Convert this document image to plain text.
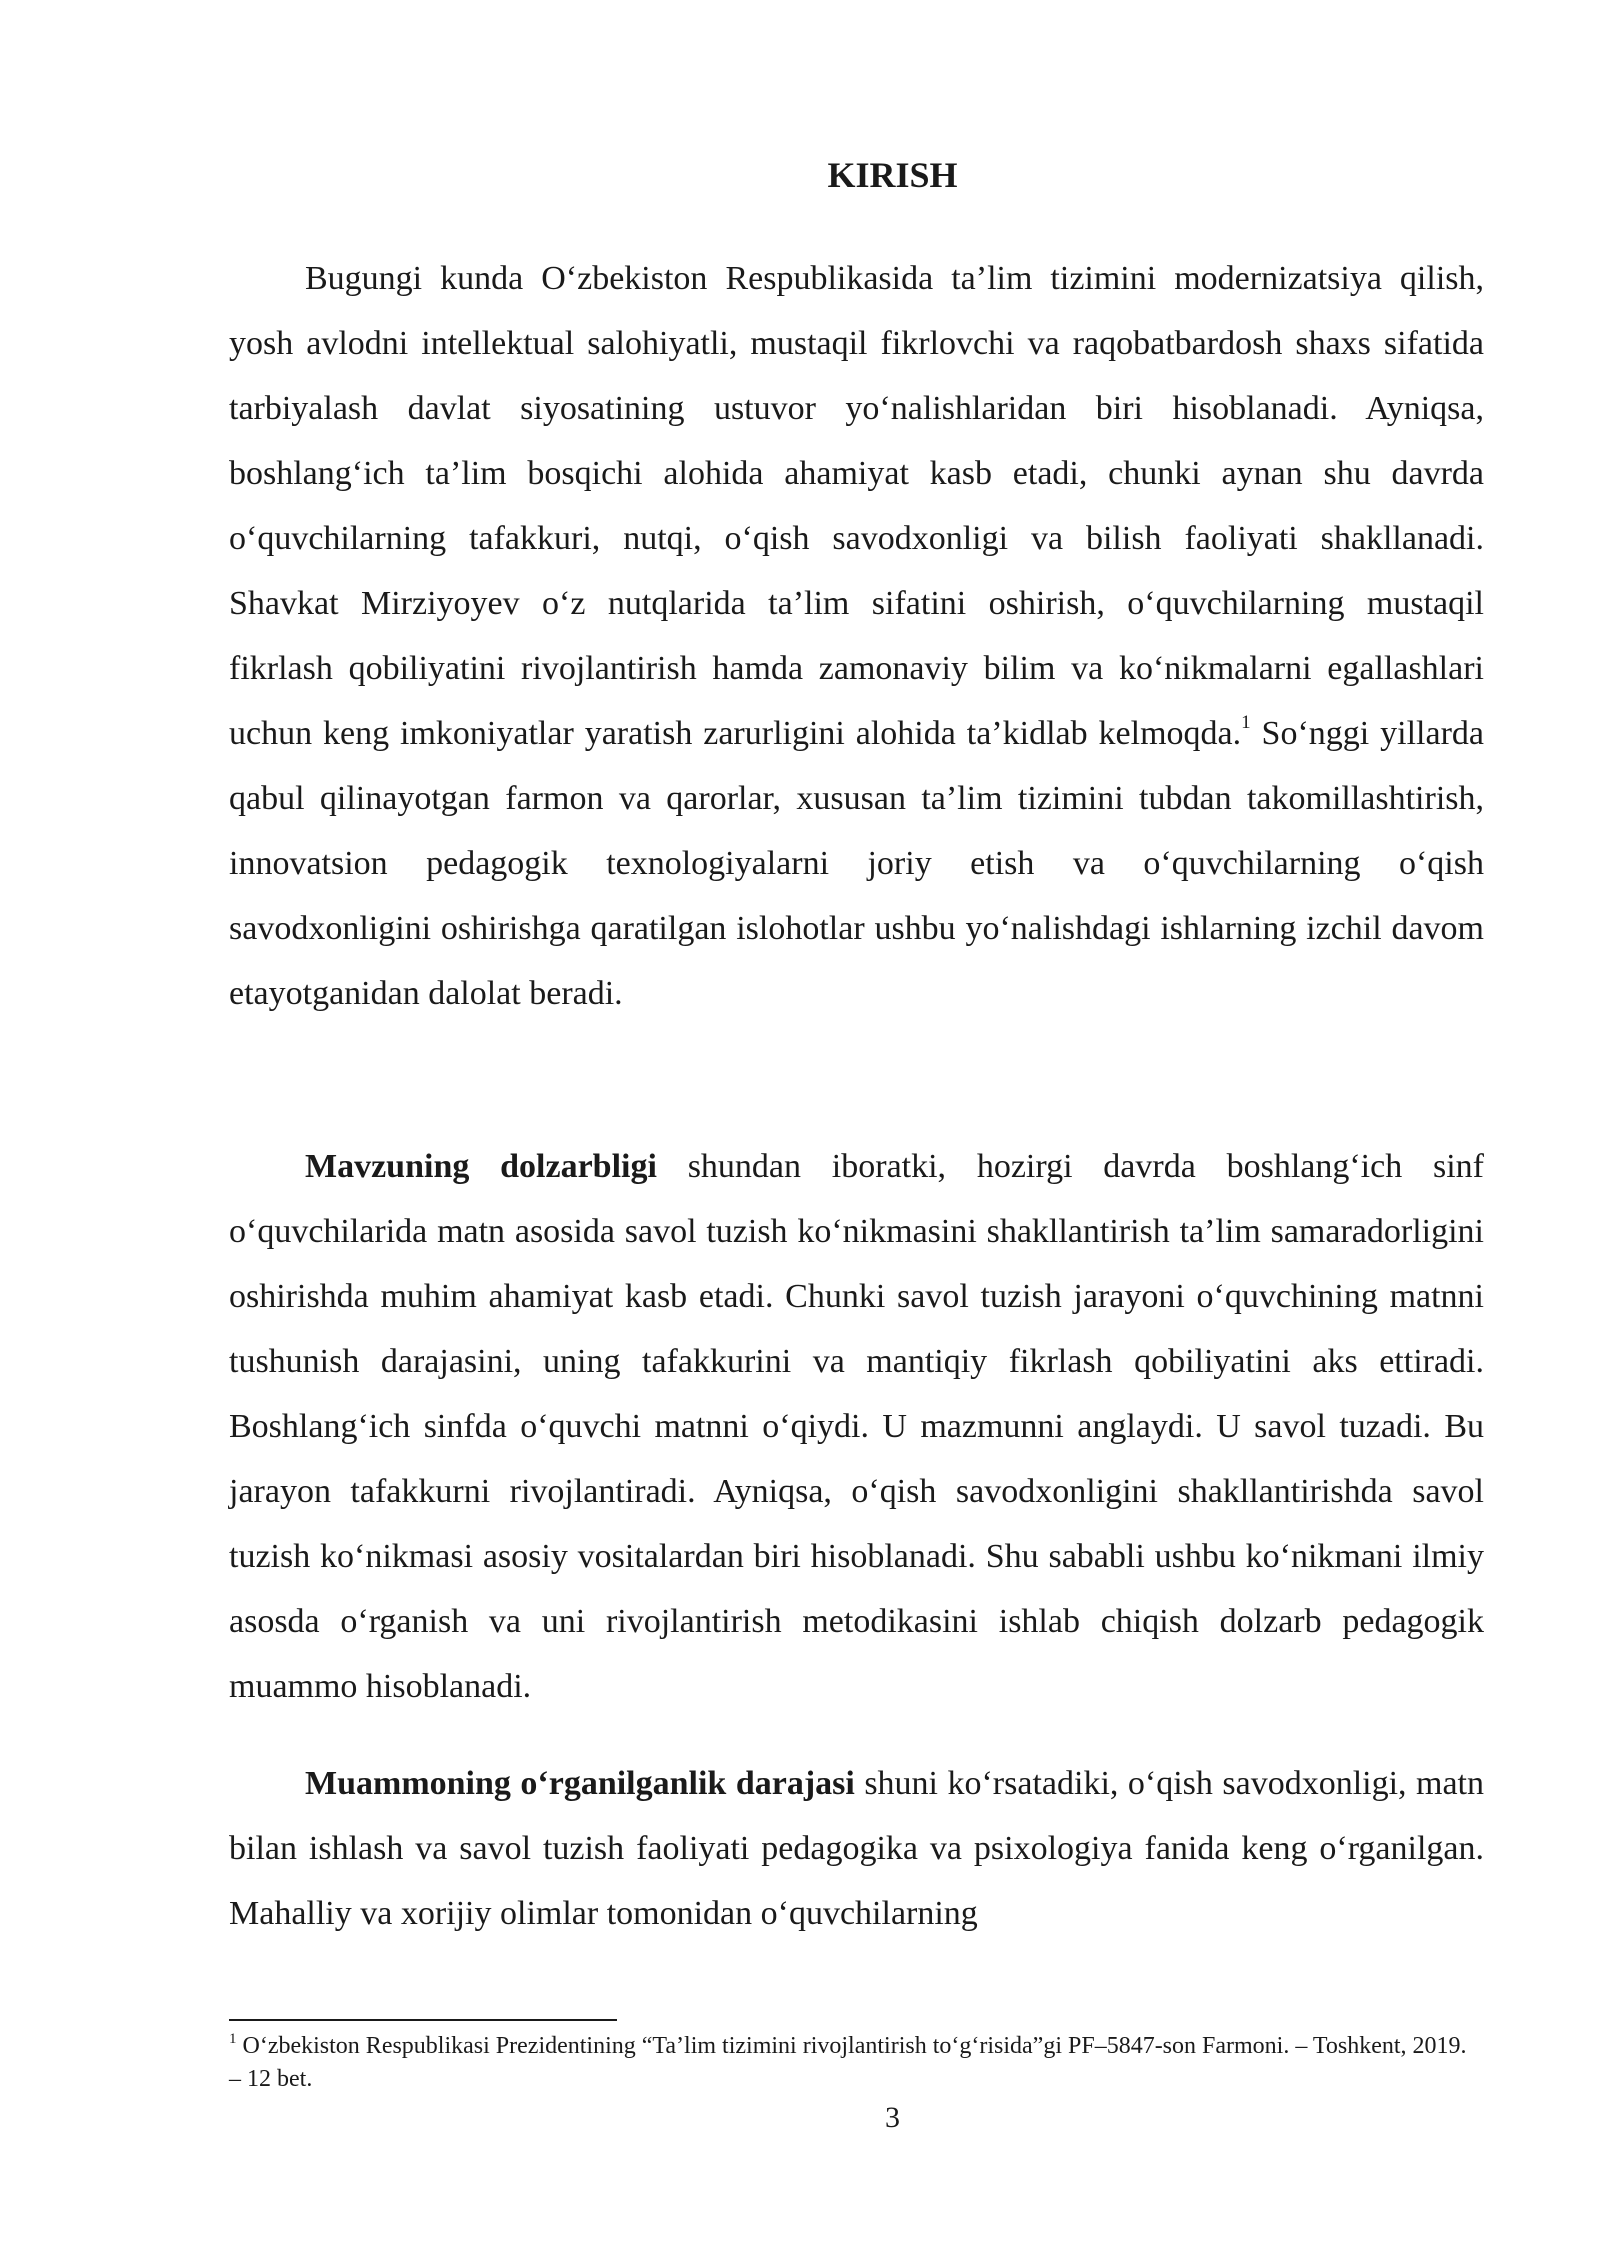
KIRISH

Bugungi kunda O‘zbekiston Respublikasida ta’lim tizimini modernizatsiya qilish, yosh avlodni intellektual salohiyatli, mustaqil fikrlovchi va raqobatbardosh shaxs sifatida tarbiyalash davlat siyosatining ustuvor yo‘nalishlaridan biri hisoblanadi. Ayniqsa, boshlang‘ich ta’lim bosqichi alohida ahamiyat kasb etadi, chunki aynan shu davrda o‘quvchilarning tafakkuri, nutqi, o‘qish savodxonligi va bilish faoliyati shakllanadi. Shavkat Mirziyoyev o‘z nutqlarida ta’lim sifatini oshirish, o‘quvchilarning mustaqil fikrlash qobiliyatini rivojlantirish hamda zamonaviy bilim va ko‘nikmalarni egallashlari uchun keng imkoniyatlar yaratish zarurligini alohida ta’kidlab kelmoqda.$^1$ So‘nggi yillarda qabul qilinayotgan farmon va qarorlar, xususan ta’lim tizimini tubdan takomillashtirish, innovatsion pedagogik texnologiyalarni joriy etish va o‘quvchilarning o‘qish savodxonligini oshirishga qaratilgan islohotlar ushbu yo‘nalishdagi ishlarning izchil davom etayotganidan dalolat beradi.

Mavzuning dolzarbligi shundan iboratki, hozirgi davrda boshlang‘ich sinf o‘quvchilarida matn asosida savol tuzish ko‘nikmasini shakllantirish ta’lim samaradorligini oshirishda muhim ahamiyat kasb etadi. Chunki savol tuzish jarayoni o‘quvchining matnni tushunish darajasini, uning tafakkurini va mantiqiy fikrlash qobiliyatini aks ettiradi. Boshlang‘ich sinfda o‘quvchi matnni o‘qiydi. U mazmunni anglaydi. U savol tuzadi. Bu jarayon tafakkurni rivojlantiradi. Ayniqsa, o‘qish savodxonligini shakllantirishda savol tuzish ko‘nikmasi asosiy vositalardan biri hisoblanadi. Shu sababli ushbu ko‘nikmani ilmiy asosda o‘rganish va uni rivojlantirish metodikasini ishlab chiqish dolzarb pedagogik muammo hisoblanadi.

Muammoning o‘rganilganlik darajasi shuni ko‘rsatadiki, o‘qish savodxonligi, matn bilan ishlash va savol tuzish faoliyati pedagogika va psixologiya fanida keng o‘rganilgan. Mahalliy va xorijiy olimlar tomonidan o‘quvchilarning

$^1$ O‘zbekiston Respublikasi Prezidentining “Ta’lim tizimini rivojlantirish to‘g‘risida”gi PF–5847-son Farmoni. – Toshkent, 2019. – 12 bet.
3
